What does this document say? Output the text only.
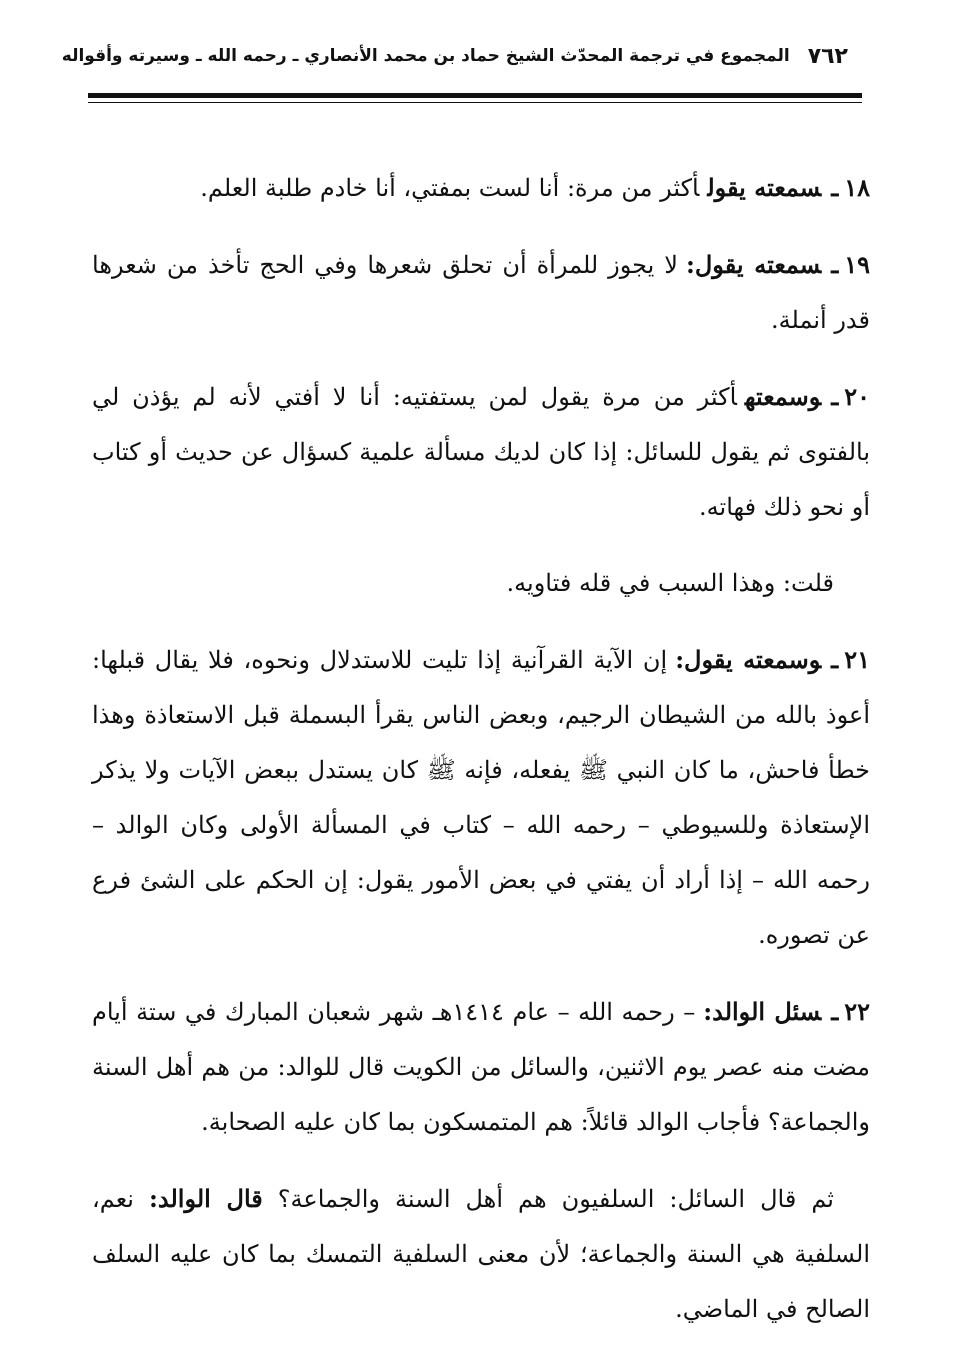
٧٦٢
المجموع في ترجمة المحدّث الشيخ حماد بن محمد الأنصاري ـ رحمه الله ـ وسيرته وأقواله

١٨ـسمعته يقولأكثر من مرة: أنا لست بمفتي، أنا خادم طلبة العلم.

١٩ـسمعته يقول:لا يجوز للمرأة أن تحلق شعرها وفي الحج تأخذ من شعرها قدر أنملة.

٢٠ـوسمعتهأكثر من مرة يقول لمن يستفتيه: أنا لا أفتي لأنه لم يؤذن لي بالفتوى ثم يقول للسائل: إذا كان لديك مسألة علمية كسؤال عن حديث أو كتاب أو نحو ذلك فهاته.

قلت: وهذا السبب في قله فتاويه.

٢١ـوسمعته يقول:إن الآية القرآنية إذا تليت للاستدلال ونحوه، فلا يقال قبلها: أعوذ بالله من الشيطان الرجيم، وبعض الناس يقرأ البسملة قبل الاستعاذة وهذا خطأ فاحش، ما كان النبي ﷺ يفعله، فإنه ﷺ كان يستدل ببعض الآيات ولا يذكر الإستعاذة وللسيوطي – رحمه الله – كتاب في المسألة الأولى وكان الوالد – رحمه الله – إذا أراد أن يفتي في بعض الأمور يقول: إن الحكم على الشئ فرع عن تصوره.

٢٢ـسئل الوالد:– رحمه الله – عام ١٤١٤هـ شهر شعبان المبارك في ستة أيام مضت منه عصر يوم الاثنين، والسائل من الكويت قال للوالد: من هم أهل السنة والجماعة؟ فأجاب الوالد قائلاً: هم المتمسكون بما كان عليه الصحابة.

ثم قال السائل: السلفيون هم أهل السنة والجماعة؟ قال الوالد: نعم، السلفية هي السنة والجماعة؛ لأن معنى السلفية التمسك بما كان عليه السلف الصالح في الماضي.
